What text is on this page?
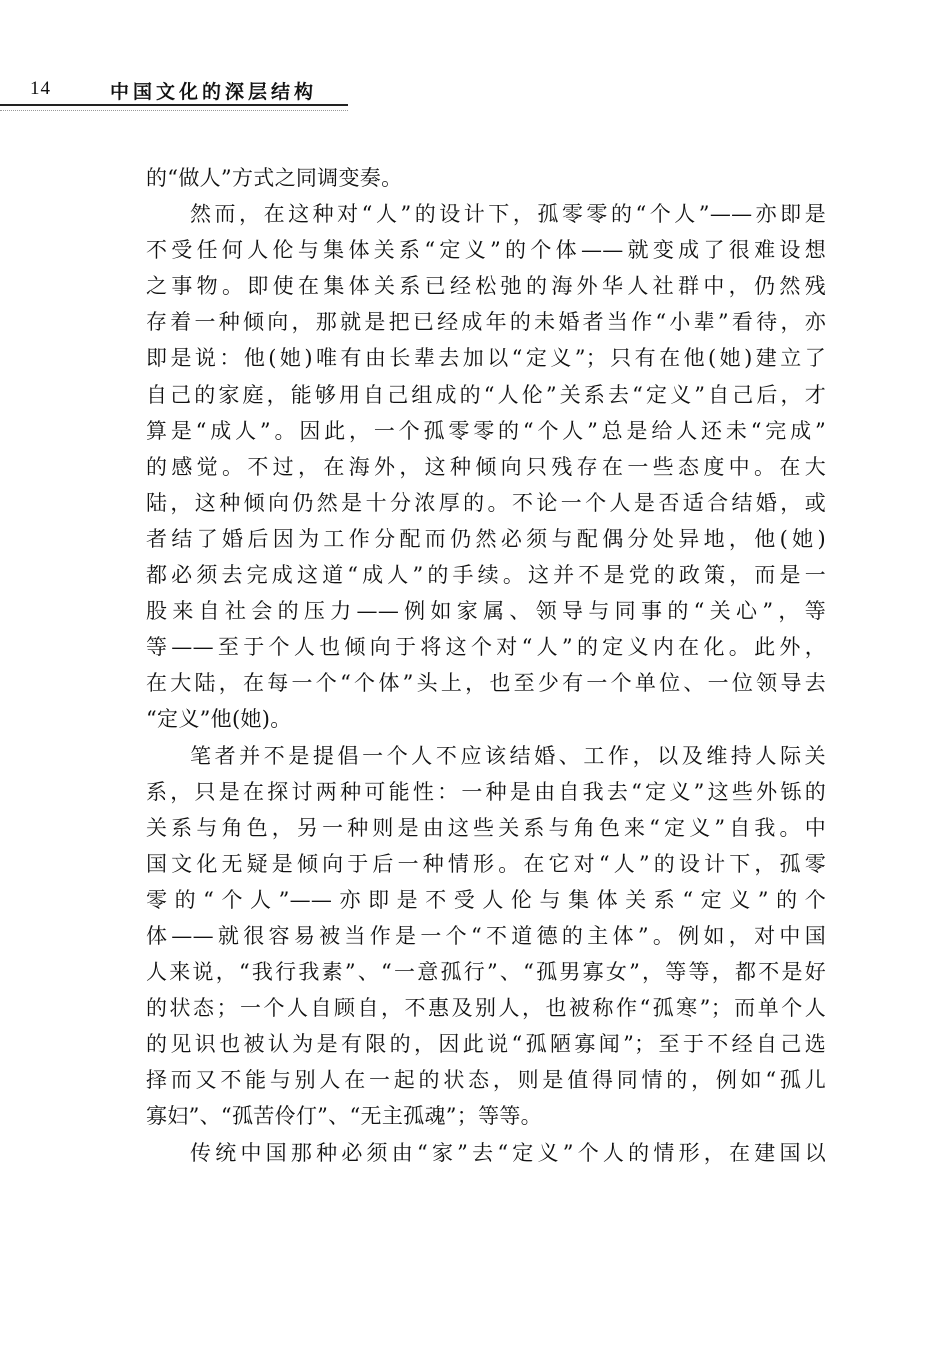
14	中国文化的深层结构
的“做人”方式之同调变奏。
然而，在这种对“人”的设计下，孤零零的“个人”——亦即是
不受任何人伦与集体关系“定义”的个体——就变成了很难设想
之事物。即使在集体关系已经松弛的海外华人社群中，仍然残
存着一种倾向，那就是把已经成年的未婚者当作“小辈”看待，亦
即是说：他(她)唯有由长辈去加以“定义”；只有在他(她)建立了
自己的家庭，能够用自己组成的“人伦”关系去“定义”自己后，才
算是“成人”。因此，一个孤零零的“个人”总是给人还未“完成”
的感觉。不过，在海外，这种倾向只残存在一些态度中。在大
陆，这种倾向仍然是十分浓厚的。不论一个人是否适合结婚，或
者结了婚后因为工作分配而仍然必须与配偶分处异地，他(她)
都必须去完成这道“成人”的手续。这并不是党的政策，而是一
股来自社会的压力——例如家属、领导与同事的“关心”，等
等——至于个人也倾向于将这个对“人”的定义内在化。此外，
在大陆，在每一个“个体”头上，也至少有一个单位、一位领导去
“定义”他(她)。
笔者并不是提倡一个人不应该结婚、工作，以及维持人际关
系，只是在探讨两种可能性：一种是由自我去“定义”这些外铄的
关系与角色，另一种则是由这些关系与角色来“定义”自我。中
国文化无疑是倾向于后一种情形。在它对“人”的设计下，孤零
零的“个人”——亦即是不受人伦与集体关系“定义”的个
体——就很容易被当作是一个“不道德的主体”。例如，对中国
人来说，“我行我素”、“一意孤行”、“孤男寡女”，等等，都不是好
的状态；一个人自顾自，不惠及别人，也被称作“孤寒”；而单个人
的见识也被认为是有限的，因此说“孤陋寡闻”；至于不经自己选
择而又不能与别人在一起的状态，则是值得同情的，例如“孤儿
寡妇”、“孤苦伶仃”、“无主孤魂”；等等。
传统中国那种必须由“家”去“定义”个人的情形，在建国以
